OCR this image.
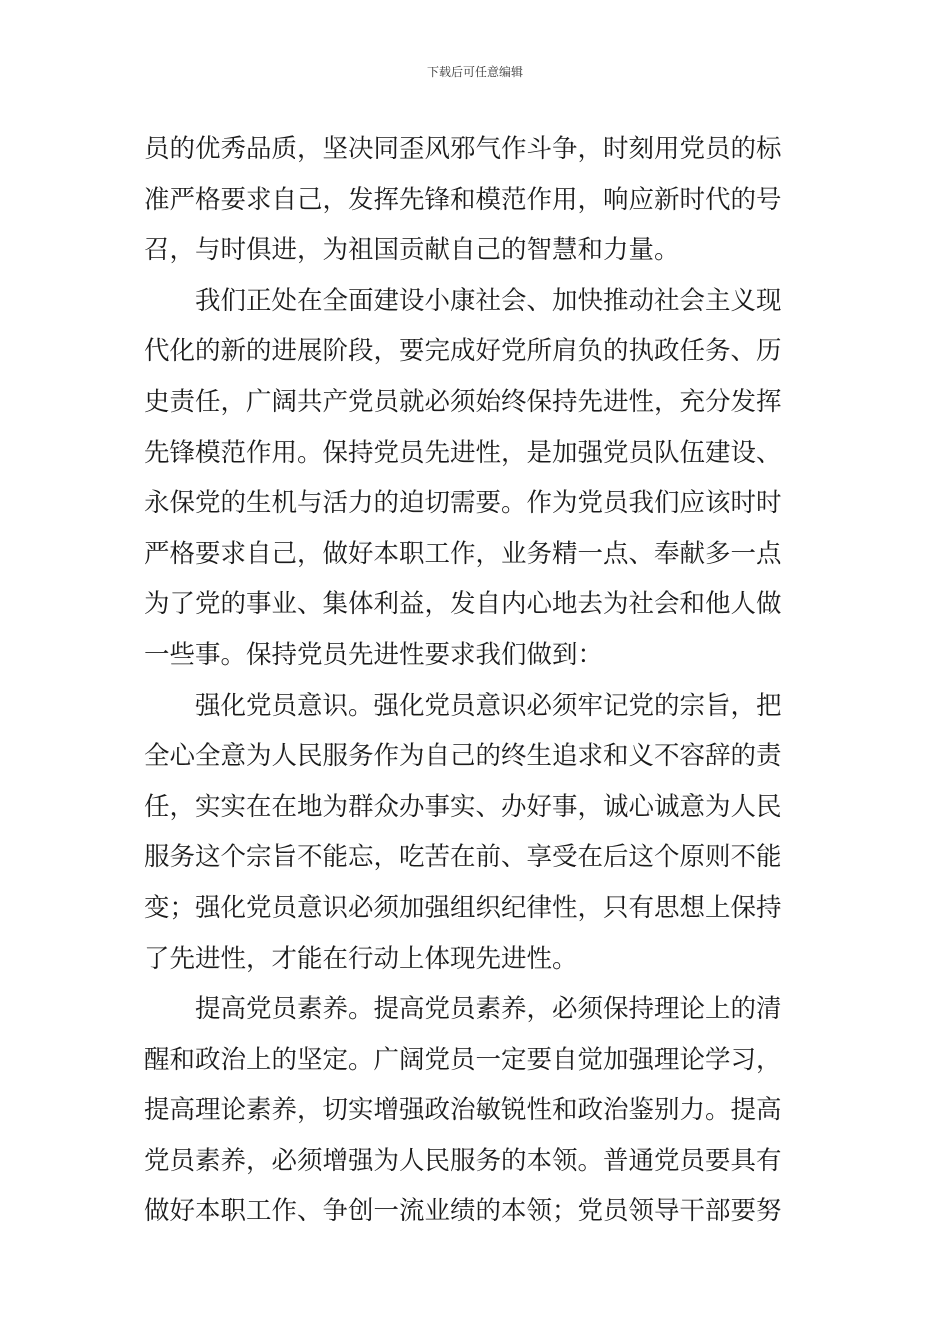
下载后可任意编辑
员的优秀品质，坚决同歪风邪气作斗争，时刻用党员的标
准严格要求自己，发挥先锋和模范作用，响应新时代的号
召，与时俱进，为祖国贡献自己的智慧和力量。
　　我们正处在全面建设小康社会、加快推动社会主义现
代化的新的进展阶段，要完成好党所肩负的执政任务、历
史责任，广阔共产党员就必须始终保持先进性，充分发挥
先锋模范作用。保持党员先进性，是加强党员队伍建设、
永保党的生机与活力的迫切需要。作为党员我们应该时时
严格要求自己，做好本职工作，业务精一点、奉献多一点
为了党的事业、集体利益，发自内心地去为社会和他人做
一些事。保持党员先进性要求我们做到：
　　强化党员意识。强化党员意识必须牢记党的宗旨，把
全心全意为人民服务作为自己的终生追求和义不容辞的责
任，实实在在地为群众办事实、办好事，诚心诚意为人民
服务这个宗旨不能忘，吃苦在前、享受在后这个原则不能
变；强化党员意识必须加强组织纪律性，只有思想上保持
了先进性，才能在行动上体现先进性。
　　提高党员素养。提高党员素养，必须保持理论上的清
醒和政治上的坚定。广阔党员一定要自觉加强理论学习，
提高理论素养，切实增强政治敏锐性和政治鉴别力。提高
党员素养，必须增强为人民服务的本领。普通党员要具有
做好本职工作、争创一流业绩的本领；党员领导干部要努
